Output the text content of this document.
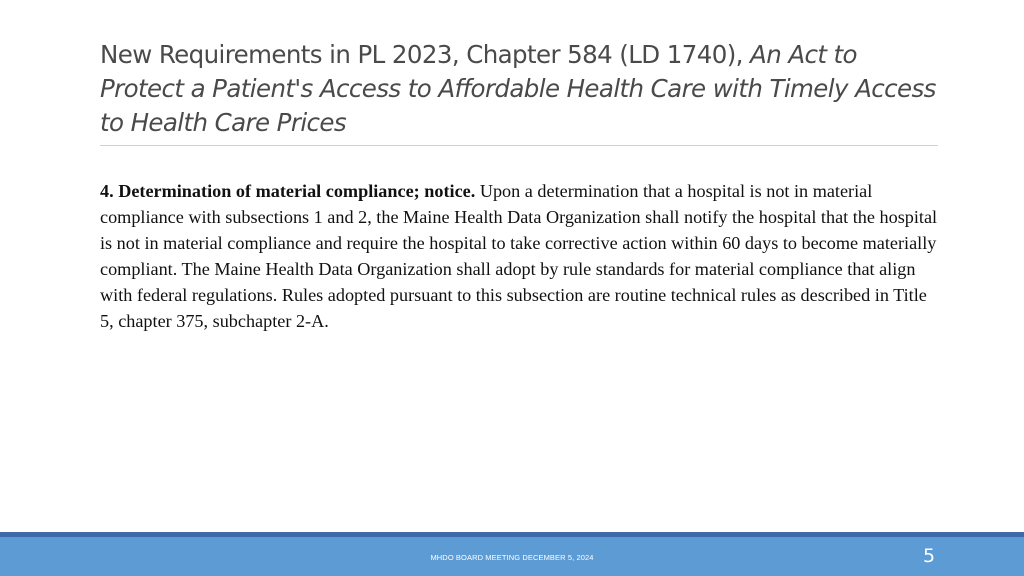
New Requirements in PL 2023, Chapter 584 (LD 1740), An Act to Protect a Patient's Access to Affordable Health Care with Timely Access to Health Care Prices
4. Determination of material compliance; notice. Upon a determination that a hospital is not in material compliance with subsections 1 and 2, the Maine Health Data Organization shall notify the hospital that the hospital is not in material compliance and require the hospital to take corrective action within 60 days to become materially compliant. The Maine Health Data Organization shall adopt by rule standards for material compliance that align with federal regulations. Rules adopted pursuant to this subsection are routine technical rules as described in Title 5, chapter 375, subchapter 2-A.
MHDO BOARD MEETING DECEMBER 5, 2024	5
